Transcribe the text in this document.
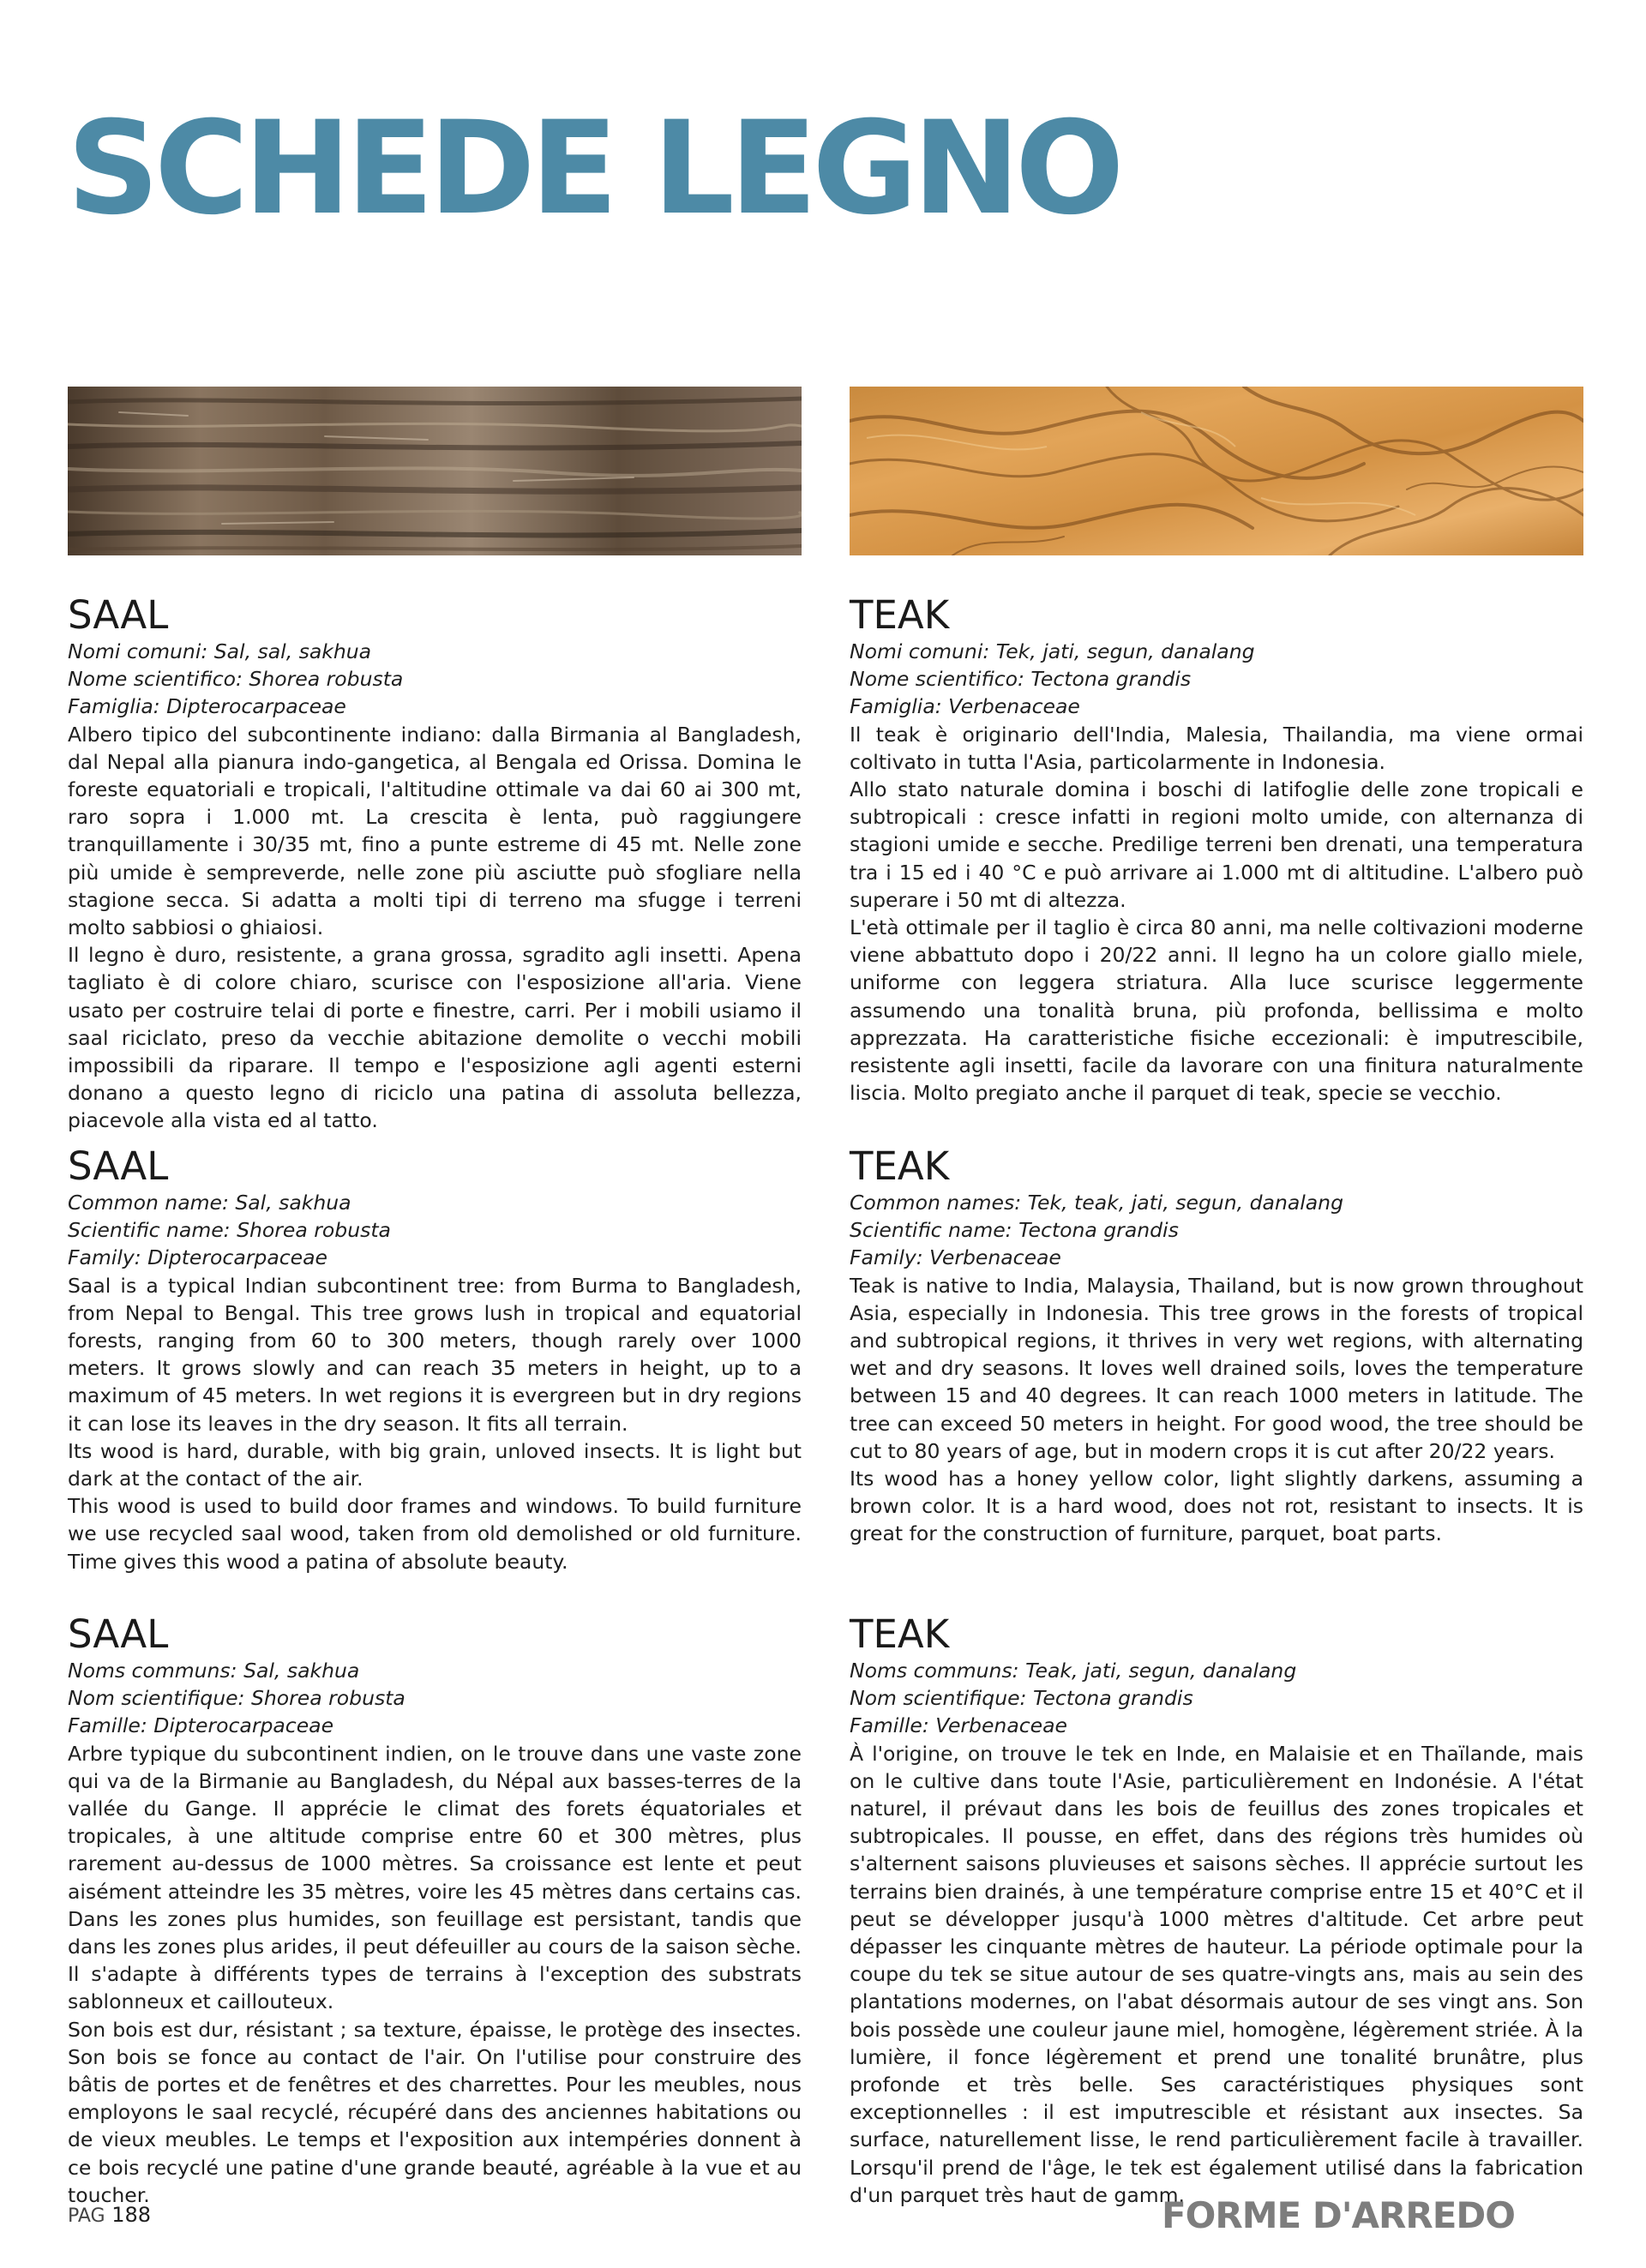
SCHEDE LEGNO
SAAL

Nomi comuni: Sal, sal, sakhua

Nome scientifico: Shorea robusta

Famiglia: Dipterocarpaceae

Albero tipico del subcontinente indiano: dalla Birmania al Bangladesh, dal Nepal alla pianura indo-gangetica, al Bengala ed Orissa. Domina le foreste equatoriali e tropicali, l'altitudine ottimale va dai 60 ai 300 mt, raro sopra i 1.000 mt. La crescita è lenta, può raggiungere tranquillamente i 30/35 mt, fino a punte estreme di 45 mt. Nelle zone più umide è sempreverde, nelle zone più asciutte può sfogliare nella stagione secca. Si adatta a molti tipi di terreno ma sfugge i terreni molto sabbiosi o ghiaiosi.

Il legno è duro, resistente, a grana grossa, sgradito agli insetti. Apena tagliato è di colore chiaro, scurisce con l'esposizione all'aria. Viene usato per costruire telai di porte e finestre, carri. Per i mobili usiamo il saal riciclato, preso da vecchie abitazione demolite o vecchi mobili impossibili da riparare. Il tempo e l'esposizione agli agenti esterni donano a questo legno di riciclo una patina di assoluta bellezza, piacevole alla vista ed al tatto.

SAAL

Common name: Sal, sakhua

Scientific name: Shorea robusta

Family: Dipterocarpaceae

Saal is a typical Indian subcontinent tree: from Burma to Bangladesh, from Nepal to Bengal. This tree grows lush in tropical and equatorial forests, ranging from 60 to 300 meters, though rarely over 1000 meters. It grows slowly and can reach 35 meters in height, up to a maximum of 45 meters. In wet regions it is evergreen but in dry regions it can lose its leaves in the dry season. It fits all terrain.

Its wood is hard, durable, with big grain, unloved insects. It is light but dark at the contact of the air.

This wood is used to build door frames and windows. To build furniture we use recycled saal wood, taken from old demolished or old furniture. Time gives this wood a patina of absolute beauty.

SAAL

Noms communs: Sal, sakhua

Nom scientifique: Shorea robusta

Famille: Dipterocarpaceae

Arbre typique du subcontinent indien, on le trouve dans une vaste zone qui va de la Birmanie au Bangladesh, du Népal aux basses-terres de la vallée du Gange. Il apprécie le climat des forets équatoriales et tropicales, à une altitude comprise entre 60 et 300 mètres, plus rarement au-dessus de 1000 mètres. Sa croissance est lente et peut aisément atteindre les 35 mètres, voire les 45 mètres dans certains cas. Dans les zones plus humides, son feuillage est persistant, tandis que dans les zones plus arides, il peut défeuiller au cours de la saison sèche. Il s'adapte à différents types de terrains à l'exception des substrats sablonneux et caillouteux.

Son bois est dur, résistant ; sa texture, épaisse, le protège des insectes. Son bois se fonce au contact de l'air. On l'utilise pour construire des bâtis de portes et de fenêtres et des charrettes. Pour les meubles, nous employons le saal recyclé, récupéré dans des anciennes habitations ou de vieux meubles. Le temps et l'exposition aux intempéries donnent à ce bois recyclé une patine d'une grande beauté, agréable à la vue et au toucher.

TEAK

Nomi comuni: Tek, jati, segun, danalang

Nome scientifico: Tectona grandis

Famiglia: Verbenaceae

Il teak è originario dell'India, Malesia, Thailandia, ma viene ormai coltivato in tutta l'Asia, particolarmente in Indonesia.

Allo stato naturale domina i boschi di latifoglie delle zone tropicali e subtropicali : cresce infatti in regioni molto umide, con alternanza di stagioni umide e secche. Predilige terreni ben drenati, una temperatura tra i 15 ed i 40 °C e può arrivare ai 1.000 mt di altitudine. L'albero può superare i 50 mt di altezza.

L'età ottimale per il taglio è circa 80 anni, ma nelle coltivazioni moderne viene abbattuto dopo i 20/22 anni. Il legno ha un colore giallo miele, uniforme con leggera striatura. Alla luce scurisce leggermente assumendo una tonalità bruna, più profonda, bellissima e molto apprezzata. Ha caratteristiche fisiche eccezionali: è imputrescibile, resistente agli insetti, facile da lavorare con una finitura naturalmente liscia. Molto pregiato anche il parquet di teak, specie se vecchio.

TEAK

Common names: Tek, teak, jati, segun, danalang

Scientific name: Tectona grandis

Family: Verbenaceae

Teak is native to India, Malaysia, Thailand, but is now grown throughout Asia, especially in Indonesia. This tree grows in the forests of tropical and subtropical regions, it thrives in very wet regions, with alternating wet and dry seasons. It loves well drained soils, loves the temperature between 15 and 40 degrees. It can reach 1000 meters in latitude. The tree can exceed 50 meters in height. For good wood, the tree should be cut to 80 years of age, but in modern crops it is cut after 20/22 years.

Its wood has a honey yellow color, light slightly darkens, assuming a brown color. It is a hard wood, does not rot, resistant to insects. It is great for the construction of furniture, parquet, boat parts.

TEAK

Noms communs: Teak, jati, segun, danalang

Nom scientifique: Tectona grandis

Famille: Verbenaceae

À l'origine, on trouve le tek en Inde, en Malaisie et en Thaïlande, mais on le cultive dans toute l'Asie, particulièrement en Indonésie. A l'état naturel, il prévaut dans les bois de feuillus des zones tropicales et subtropicales. Il pousse, en effet, dans des régions très humides où s'alternent saisons pluvieuses et saisons sèches. Il apprécie surtout les terrains bien drainés, à une température comprise entre 15 et 40°C et il peut se développer jusqu'à 1000 mètres d'altitude. Cet arbre peut dépasser les cinquante mètres de hauteur. La période optimale pour la coupe du tek se situe autour de ses quatre-vingts ans, mais au sein des plantations modernes, on l'abat désormais autour de ses vingt ans. Son bois possède une couleur jaune miel, homogène, légèrement striée. À la lumière, il fonce légèrement et prend une tonalité brunâtre, plus profonde et très belle. Ses caractéristiques physiques sont exceptionnelles : il est imputrescible et résistant aux insectes. Sa surface, naturellement lisse, le rend particulièrement facile à travailler. Lorsqu'il prend de l'âge, le tek est également utilisé dans la fabrication d'un parquet très haut de gamm.

PAG 188	FORME D'ARREDO
